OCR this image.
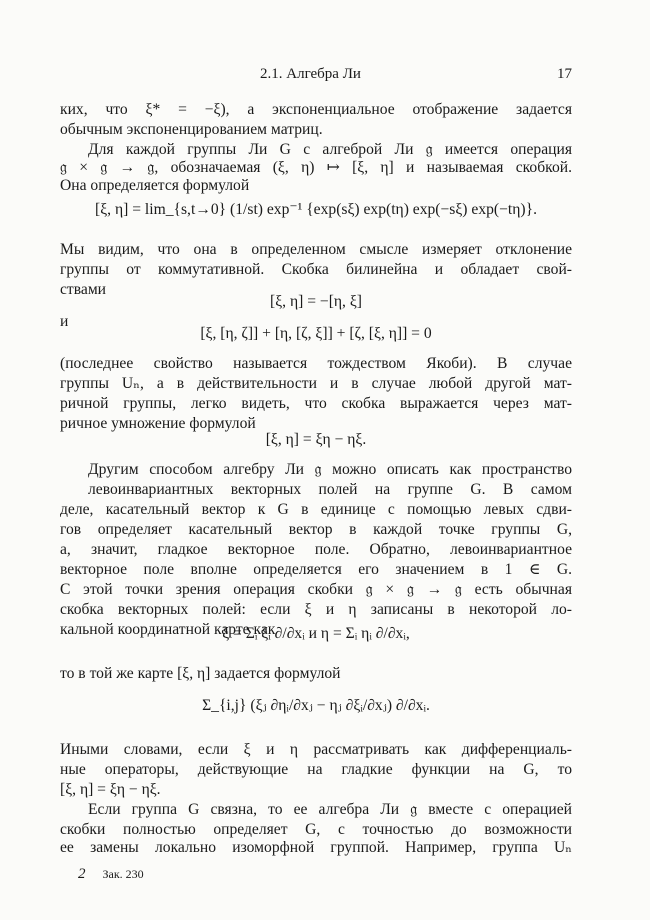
2.1. Алгебра Ли	17

ких, что ξ* = −ξ), а экспоненциальное отображение задается

обычным экспоненцированием матриц.

Для каждой группы Ли G с алгеброй Ли 𝔤 имеется операция

𝔤 × 𝔤 → 𝔤, обозначаемая (ξ, η) ↦ [ξ, η] и называемая скобкой.

Она определяется формулой

[ξ, η] = lim_{s,t→0} (1/st) exp⁻¹ {exp(sξ) exp(tη) exp(−sξ) exp(−tη)}.

Мы видим, что она в определенном смысле измеряет отклонение

группы от коммутативной. Скобка билинейна и обладает свой-

ствами

[ξ, η] = −[η, ξ]
и
[ξ, [η, ζ]] + [η, [ζ, ξ]] + [ζ, [ξ, η]] = 0

(последнее свойство называется тождеством Якоби). В случае

группы Uₙ, а в действительности и в случае любой другой мат-

ричной группы, легко видеть, что скобка выражается через мат-

ричное умножение формулой

[ξ, η] = ξη − ηξ.

Другим способом алгебру Ли 𝔤 можно описать как пространство левоинвариантных векторных полей на группе G. В самом

деле, касательный вектор к G в единице с помощью левых сдви-

гов определяет касательный вектор в каждой точке группы G,

а, значит, гладкое векторное поле. Обратно, левоинвариантное

векторное поле вполне определяется его значением в 1 ∈ G.

С этой точки зрения операция скобки 𝔤 × 𝔤 → 𝔤 есть обычная

скобка векторных полей: если ξ и η записаны в некоторой ло-

кальной координатной карте как

ξ = Σᵢ ξᵢ ∂/∂xᵢ и η = Σᵢ ηᵢ ∂/∂xᵢ,

то в той же карте [ξ, η] задается формулой

Σ_{i,j} (ξⱼ ∂ηᵢ/∂xⱼ − ηⱼ ∂ξᵢ/∂xⱼ) ∂/∂xᵢ.

Иными словами, если ξ и η рассматривать как дифференциаль-

ные операторы, действующие на гладкие функции на G, то

[ξ, η] = ξη − ηξ.

Если группа G связна, то ее алгебра Ли 𝔤 вместе с операцией

скобки полностью определяет G, с точностью до возможности

ее замены локально изоморфной группой. Например, группа Uₙ

2 Зак. 230
